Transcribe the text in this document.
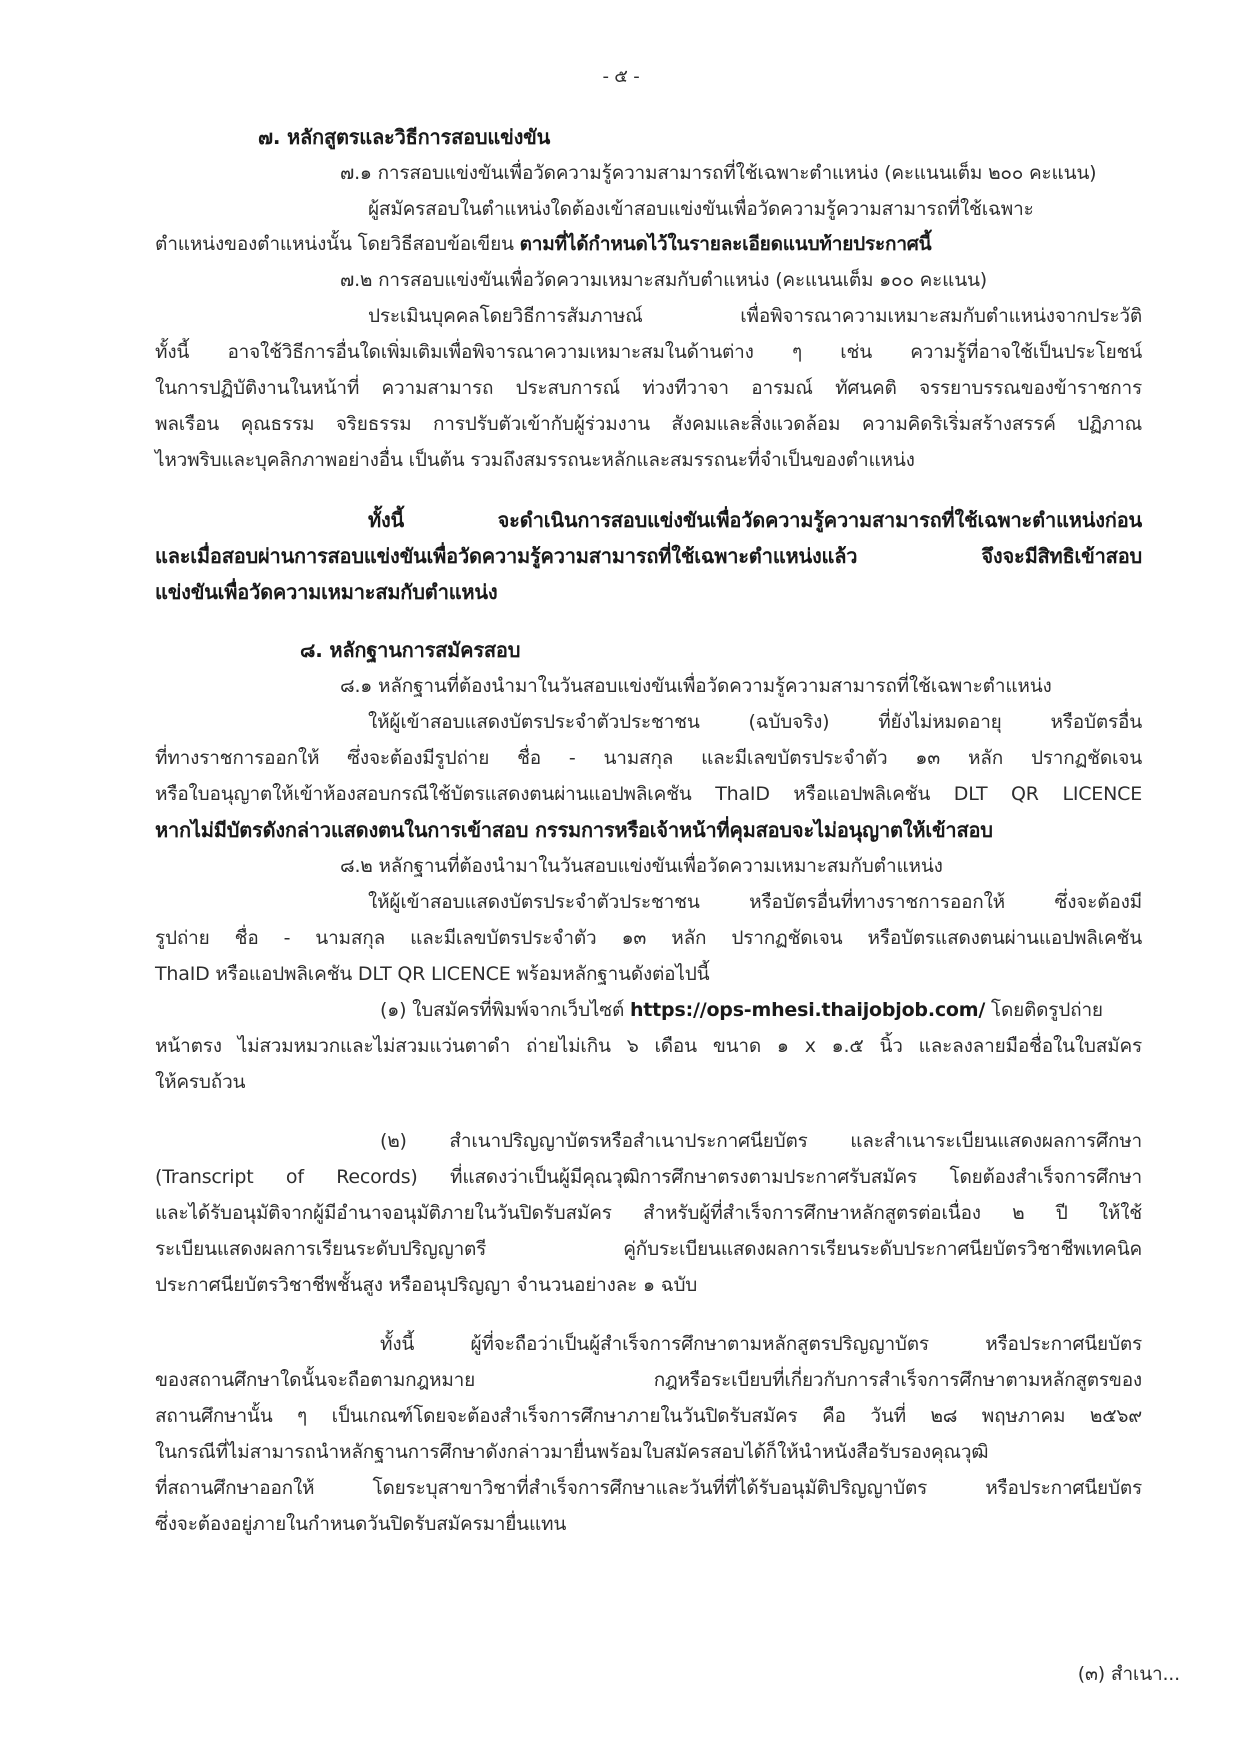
- ๕ -
๗. หลักสูตรและวิธีการสอบแข่งขัน
๗.๑ การสอบแข่งขันเพื่อวัดความรู้ความสามารถที่ใช้เฉพาะตำแหน่ง (คะแนนเต็ม ๒๐๐ คะแนน)
ผู้สมัครสอบในตำแหน่งใดต้องเข้าสอบแข่งขันเพื่อวัดความรู้ความสามารถที่ใช้เฉพาะ
ตำแหน่งของตำแหน่งนั้น โดยวิธีสอบข้อเขียน ตามที่ได้กำหนดไว้ในรายละเอียดแนบท้ายประกาศนี้
๗.๒ การสอบแข่งขันเพื่อวัดความเหมาะสมกับตำแหน่ง (คะแนนเต็ม ๑๐๐ คะแนน)
ประเมินบุคคลโดยวิธีการสัมภาษณ์ เพื่อพิจารณาความเหมาะสมกับตำแหน่งจากประวัติ
ทั้งนี้ อาจใช้วิธีการอื่นใดเพิ่มเติมเพื่อพิจารณาความเหมาะสมในด้านต่าง ๆ เช่น ความรู้ที่อาจใช้เป็นประโยชน์
ในการปฏิบัติงานในหน้าที่ ความสามารถ ประสบการณ์ ท่วงทีวาจา อารมณ์ ทัศนคติ จรรยาบรรณของข้าราชการ
พลเรือน คุณธรรม จริยธรรม การปรับตัวเข้ากับผู้ร่วมงาน สังคมและสิ่งแวดล้อม ความคิดริเริ่มสร้างสรรค์ ปฏิภาณ
ไหวพริบและบุคลิกภาพอย่างอื่น เป็นต้น รวมถึงสมรรถนะหลักและสมรรถนะที่จำเป็นของตำแหน่ง
ทั้งนี้ จะดำเนินการสอบแข่งขันเพื่อวัดความรู้ความสามารถที่ใช้เฉพาะตำแหน่งก่อน
และเมื่อสอบผ่านการสอบแข่งขันเพื่อวัดความรู้ความสามารถที่ใช้เฉพาะตำแหน่งแล้ว จึงจะมีสิทธิเข้าสอบ
แข่งขันเพื่อวัดความเหมาะสมกับตำแหน่ง
๘. หลักฐานการสมัครสอบ
๘.๑ หลักฐานที่ต้องนำมาในวันสอบแข่งขันเพื่อวัดความรู้ความสามารถที่ใช้เฉพาะตำแหน่ง
ให้ผู้เข้าสอบแสดงบัตรประจำตัวประชาชน (ฉบับจริง) ที่ยังไม่หมดอายุ หรือบัตรอื่น
ที่ทางราชการออกให้ ซึ่งจะต้องมีรูปถ่าย ชื่อ - นามสกุล และมีเลขบัตรประจำตัว ๑๓ หลัก ปรากฏชัดเจน
หรือใบอนุญาตให้เข้าห้องสอบกรณีใช้บัตรแสดงตนผ่านแอปพลิเคชัน ThaID หรือแอปพลิเคชัน DLT QR LICENCE
หากไม่มีบัตรดังกล่าวแสดงตนในการเข้าสอบ กรรมการหรือเจ้าหน้าที่คุมสอบจะไม่อนุญาตให้เข้าสอบ
๘.๒ หลักฐานที่ต้องนำมาในวันสอบแข่งขันเพื่อวัดความเหมาะสมกับตำแหน่ง
ให้ผู้เข้าสอบแสดงบัตรประจำตัวประชาชน หรือบัตรอื่นที่ทางราชการออกให้ ซึ่งจะต้องมี
รูปถ่าย ชื่อ - นามสกุล และมีเลขบัตรประจำตัว ๑๓ หลัก ปรากฏชัดเจน หรือบัตรแสดงตนผ่านแอปพลิเคชัน
ThaID หรือแอปพลิเคชัน DLT QR LICENCE พร้อมหลักฐานดังต่อไปนี้
(๑) ใบสมัครที่พิมพ์จากเว็บไซต์ https://ops-mhesi.thaijobjob.com/ โดยติดรูปถ่าย
หน้าตรง ไม่สวมหมวกและไม่สวมแว่นตาดำ ถ่ายไม่เกิน ๖ เดือน ขนาด ๑ x ๑.๕ นิ้ว และลงลายมือชื่อในใบสมัคร
ให้ครบถ้วน
(๒) สำเนาปริญญาบัตรหรือสำเนาประกาศนียบัตร และสำเนาระเบียนแสดงผลการศึกษา
(Transcript of Records) ที่แสดงว่าเป็นผู้มีคุณวุฒิการศึกษาตรงตามประกาศรับสมัคร โดยต้องสำเร็จการศึกษา
และได้รับอนุมัติจากผู้มีอำนาจอนุมัติภายในวันปิดรับสมัคร สำหรับผู้ที่สำเร็จการศึกษาหลักสูตรต่อเนื่อง ๒ ปี ให้ใช้
ระเบียนแสดงผลการเรียนระดับปริญญาตรี คู่กับระเบียนแสดงผลการเรียนระดับประกาศนียบัตรวิชาชีพเทคนิค
ประกาศนียบัตรวิชาชีพชั้นสูง หรืออนุปริญญา จำนวนอย่างละ ๑ ฉบับ
ทั้งนี้ ผู้ที่จะถือว่าเป็นผู้สำเร็จการศึกษาตามหลักสูตรปริญญาบัตร หรือประกาศนียบัตร
ของสถานศึกษาใดนั้นจะถือตามกฎหมาย กฎหรือระเบียบที่เกี่ยวกับการสำเร็จการศึกษาตามหลักสูตรของ
สถานศึกษานั้น ๆ เป็นเกณฑ์โดยจะต้องสำเร็จการศึกษาภายในวันปิดรับสมัคร คือ วันที่ ๒๘ พฤษภาคม ๒๕๖๙
ในกรณีที่ไม่สามารถนำหลักฐานการศึกษาดังกล่าวมายื่นพร้อมใบสมัครสอบได้ก็ให้นำหนังสือรับรองคุณวุฒิ
ที่สถานศึกษาออกให้ โดยระบุสาขาวิชาที่สำเร็จการศึกษาและวันที่ที่ได้รับอนุมัติปริญญาบัตร หรือประกาศนียบัตร
ซึ่งจะต้องอยู่ภายในกำหนดวันปิดรับสมัครมายื่นแทน
(๓) สำเนา...
